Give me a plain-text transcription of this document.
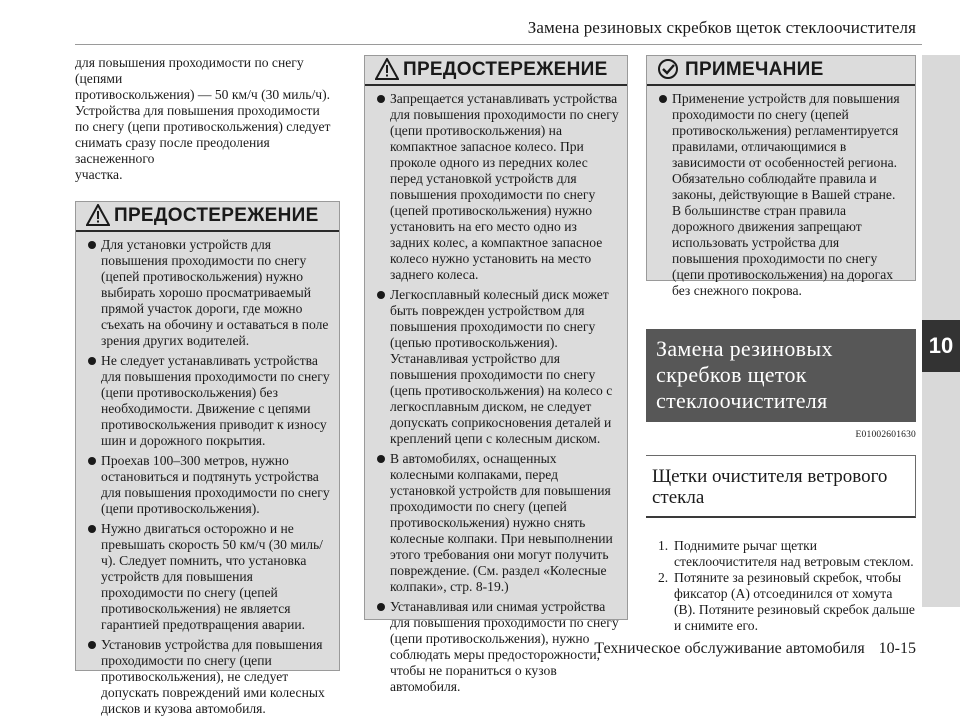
Замена резиновых скребков щеток стеклоочистителя
10

для повышения проходимости по снегу (цепями

противоскольжения) — 50 км/ч (30 миль/ч).

Устройства для повышения проходимости

по снегу (цепи противоскольжения) следует

снимать сразу после преодоления заснеженного

участка.

ПРЕДОСТЕРЕЖЕНИЕ
Для установки устройств для повышения проходимости по снегу (цепей противоскольжения) нужно выбирать хорошо просматриваемый прямой участок дороги, где можно съехать на обочину и оставаться в поле зрения других водителей.
Не следует устанавливать устройства для повышения проходимости по снегу (цепи противоскольжения) без необходимости. Движение с цепями противоскольжения приводит к износу шин и дорожного покрытия.
Проехав 100–300 метров, нужно остановиться и подтянуть устройства для повышения проходимости по снегу (цепи противоскольжения).
Нужно двигаться осторожно и не превышать скорость 50 км/ч (30 миль/ч). Следует помнить, что установка устройств для повышения проходимости по снегу (цепей противоскольжения) не является гарантией предотвращения аварии.
Установив устройства для повышения проходимости по снегу (цепи противоскольжения), не следует допускать повреждений ими колесных дисков и кузова автомобиля.
ПРЕДОСТЕРЕЖЕНИЕ
Запрещается устанавливать устройства для повышения проходимости по снегу (цепи противоскольжения) на компактное запасное колесо. При проколе одного из передних колес перед установкой устройств для повышения проходимости по снегу (цепей противоскольжения) нужно установить на его место одно из задних колес, а компактное запасное колесо нужно установить на место заднего колеса.
Легкосплавный колесный диск может быть поврежден устройством для повышения проходимости по снегу (цепью противоскольжения). Устанавливая устройство для повышения проходимости по снегу (цепь противоскольжения) на колесо с легкосплавным диском, не следует допускать соприкосновения деталей и креплений цепи с колесным диском.
В автомобилях, оснащенных колесными колпаками, перед установкой устройств для повышения проходимости по снегу (цепей противоскольжения) нужно снять колесные колпаки. При невыполнении этого требования они могут получить повреждение. (См. раздел «Колесные колпаки», стр. 8-19.)
Устанавливая или снимая устройства для повышения проходимости по снегу (цепи противоскольжения), нужно соблюдать меры предосторожности, чтобы не пораниться о кузов автомобиля.
ПРИМЕЧАНИЕ
Применение устройств для повышения проходимости по снегу (цепей противоскольжения) регламентируется правилами, отличающимися в зависимости от особенностей региона. Обязательно соблюдайте правила и законы, действующие в Вашей стране. В большинстве стран правила дорожного движения запрещают использовать устройства для повышения проходимости по снегу (цепи противоскольжения) на дорогах без снежного покрова.
Замена резиновых скребков щеток стеклоочистителя
E01002601630
Щетки очистителя ветрового стекла
1. Поднимите рычаг щетки стеклоочистителя над ветровым стеклом.
2. Потяните за резиновый скребок, чтобы фиксатор (A) отсоединился от хомута (B). Потяните резиновый скребок дальше и снимите его.
Техническое обслуживание автомобиля 10-15
